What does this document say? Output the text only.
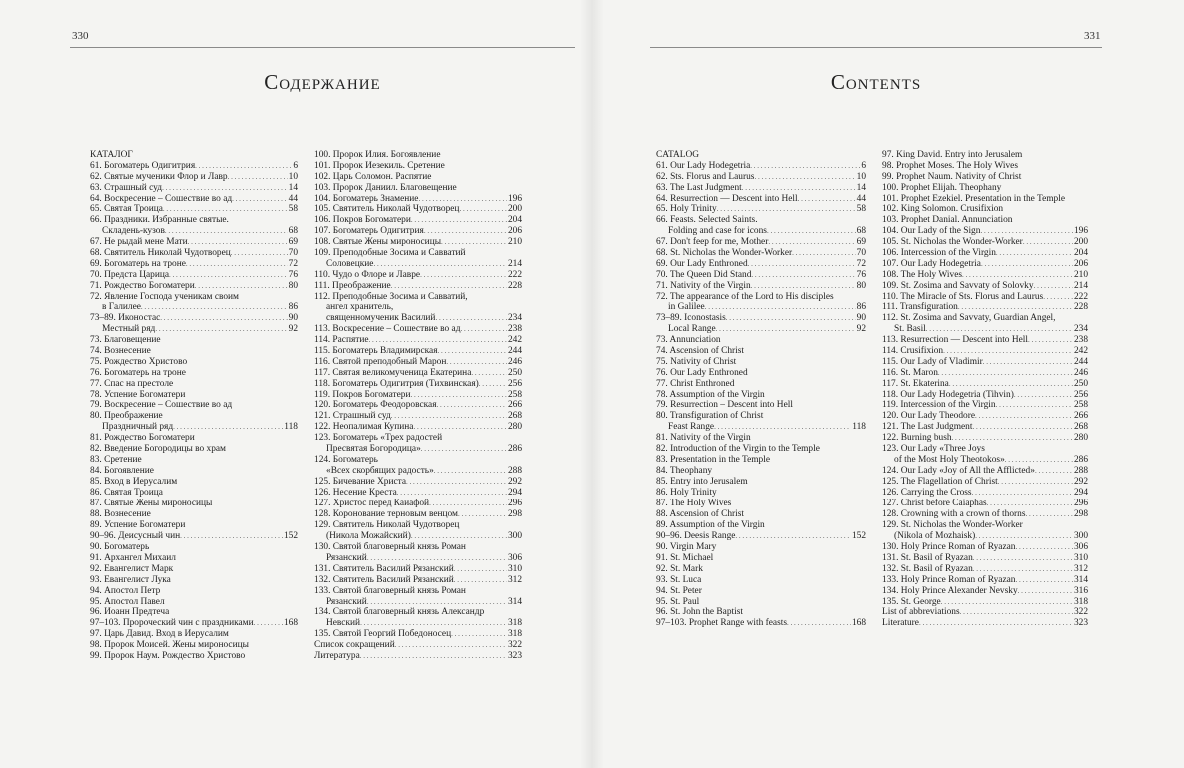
330
Содержание
КАТАЛОГ
61. Богоматерь Одигитрия . . .	6
62. Святые мученики Флор и Лавр . . .	10
63. Страшный суд . . .	14
64. Воскресение – Сошествие во ад . . .	44
65. Святая Троица . . .	58
66. Праздники. Избранные святые.
Складень-кузов . . .	68
67. Не рыдай мене Мати . . .	69
68. Святитель Николай Чудотворец . . .	70
69. Богоматерь на троне . . .	72
70. Предста Царица . . .	76
71. Рождество Богоматери . . .	80
72. Явление Господа ученикам своим
в Галилее . . .	86
73–89. Иконостас . . .	90
Местный ряд . . .	92
73. Благовещение
74. Вознесение
75. Рождество Христово
76. Богоматерь на троне
77. Спас на престоле
78. Успение Богоматери
79. Воскресение – Сошествие во ад
80. Преображение
Праздничный ряд . . .	118
81. Рождество Богоматери
82. Введение Богородицы во храм
83. Сретение
84. Богоявление
85. Вход в Иерусалим
86. Святая Троица
87. Святые Жены мироносицы
88. Вознесение
89. Успение Богоматери
90–96. Деисусный чин . . .	152
90. Богоматерь
91. Архангел Михаил
92. Евангелист Марк
93. Евангелист Лука
94. Апостол Петр
95. Апостол Павел
96. Иоанн Предтеча
97–103. Пророческий чин с праздниками . . .	168
97. Царь Давид. Вход в Иерусалим
98. Пророк Моисей. Жены мироносицы
99. Пророк Наум. Рождество Христово
100. Пророк Илия. Богоявление
101. Пророк Иезекиль. Сретение
102. Царь Соломон. Распятие
103. Пророк Даниил. Благовещение
104. Богоматерь Знамение . . .	196
105. Святитель Николай Чудотворец . . .	200
106. Покров Богоматери . . .	204
107. Богоматерь Одигитрия . . .	206
108. Святые Жены мироносицы . . .	210
109. Преподобные Зосима и Савватий
Соловецкие . . .	214
110. Чудо о Флоре и Лавре . . .	222
111. Преображение . . .	228
112. Преподобные Зосима и Савватий,
ангел хранитель,
священномученик Василий . . .	234
113. Воскресение – Сошествие во ад . . .	238
114. Распятие . . .	242
115. Богоматерь Владимирская . . .	244
116. Святой преподобный Марон . . .	246
117. Святая великомученица Екатерина . . .	250
118. Богоматерь Одигитрия (Тихвинская) . . .	256
119. Покров Богоматери . . .	258
120. Богоматерь Феодоровская . . .	266
121. Страшный суд . . .	268
122. Неопалимая Купина . . .	280
123. Богоматерь «Трех радостей
Пресвятая Богородица» . . .	286
124. Богоматерь
«Всех скорбящих радость» . . .	288
125. Бичевание Христа . . .	292
126. Несение Креста . . .	294
127. Христос перед Каиафой . . .	296
128. Коронование терновым венцом . . .	298
129. Святитель Николай Чудотворец
(Никола Можайский) . . .	300
130. Святой благоверный князь Роман
Рязанский . . .	306
131. Святитель Василий Рязанский . . .	310
132. Святитель Василий Рязанский . . .	312
133. Святой благоверный князь Роман
Рязанский . . .	314
134. Святой благоверный князь Александр
Невский . . .	318
135. Святой Георгий Победоносец . . .	318
Список сокращений . . .	322
Литература . . .	323
331
Contents
CATALOG
61. Our Lady Hodegetria . . .	6
62. Sts. Florus and Laurus . . .	10
63. The Last Judgment . . .	14
64. Resurrection — Descent into Hell . . .	44
65. Holy Trinity . . .	58
66. Feasts. Selected Saints.
Folding and case for icons . . .	68
67. Don't feep for me, Mother . . .	69
68. St. Nicholas the Wonder-Worker . . .	70
69. Our Lady Enthroned . . .	72
70. The Queen Did Stand . . .	76
71. Nativity of the Virgin . . .	80
72. The appearance of the Lord to His disciples
in Galilee . . .	86
73–89. Iconostasis . . .	90
Local Range . . .	92
73. Annunciation
74. Ascension of Christ
75. Nativity of Christ
76. Our Lady Enthroned
77. Christ Enthroned
78. Assumption of the Virgin
79. Resurrection – Descent into Hell
80. Transfiguration of Christ
Feast Range . . .	118
81. Nativity of the Virgin
82. Introduction of the Virgin to the Temple
83. Presentation in the Temple
84. Theophany
85. Entry into Jerusalem
86. Holy Trinity
87. The Holy Wives
88. Ascension of Christ
89. Assumption of the Virgin
90–96. Deesis Range . . .	152
90. Virgin Mary
91. St. Michael
92. St. Mark
93. St. Luca
94. St. Peter
95. St. Paul
96. St. John the Baptist
97–103. Prophet Range with feasts . . .	168
97. King David. Entry into Jerusalem
98. Prophet Moses. The Holy Wives
99. Prophet Naum. Nativity of Christ
100. Prophet Elijah. Theophany
101. Prophet Ezekiel. Presentation in the Temple
102. King Solomon. Crusifixion
103. Prophet Danial. Annunciation
104. Our Lady of the Sign . . .	196
105. St. Nicholas the Wonder-Worker . . .	200
106. Intercession of the Virgin . . .	204
107. Our Lady Hodegetria . . .	206
108. The Holy Wives . . .	210
109. St. Zosima and Savvaty of Solovky . . .	214
110. The Miracle of Sts. Florus and Laurus . . .	222
111. Transfiguration . . .	228
112. St. Zosima and Savvaty, Guardian Angel,
St. Basil . . .	234
113. Resurrection — Descent into Hell . . .	238
114. Crusifixion . . .	242
115. Our Lady of Vladimir . . .	244
116. St. Maron . . .	246
117. St. Ekaterina . . .	250
118. Our Lady Hodegetria (Tihvin) . . .	256
119. Intercession of the Virgin . . .	258
120. Our Lady Theodore . . .	266
121. The Last Judgment . . .	268
122. Burning bush . . .	280
123. Our Lady «Three Joys
of the Most Holy Theotokos» . . .	286
124. Our Lady «Joy of All the Afflicted» . . .	288
125. The Flagellation of Christ . . .	292
126. Carrying the Cross . . .	294
127. Christ before Caiaphas . . .	296
128. Crowning with a crown of thorns . . .	298
129. St. Nicholas the Wonder-Worker
(Nikola of Mozhaisk) . . .	300
130. Holy Prince Roman of Ryazan . . .	306
131. St. Basil of Ryazan . . .	310
132. St. Basil of Ryazan . . .	312
133. Holy Prince Roman of Ryazan . . .	314
134. Holy Prince Alexander Nevsky . . .	316
135. St. George . . .	318
List of abbreviations . . .	322
Literature . . .	323
